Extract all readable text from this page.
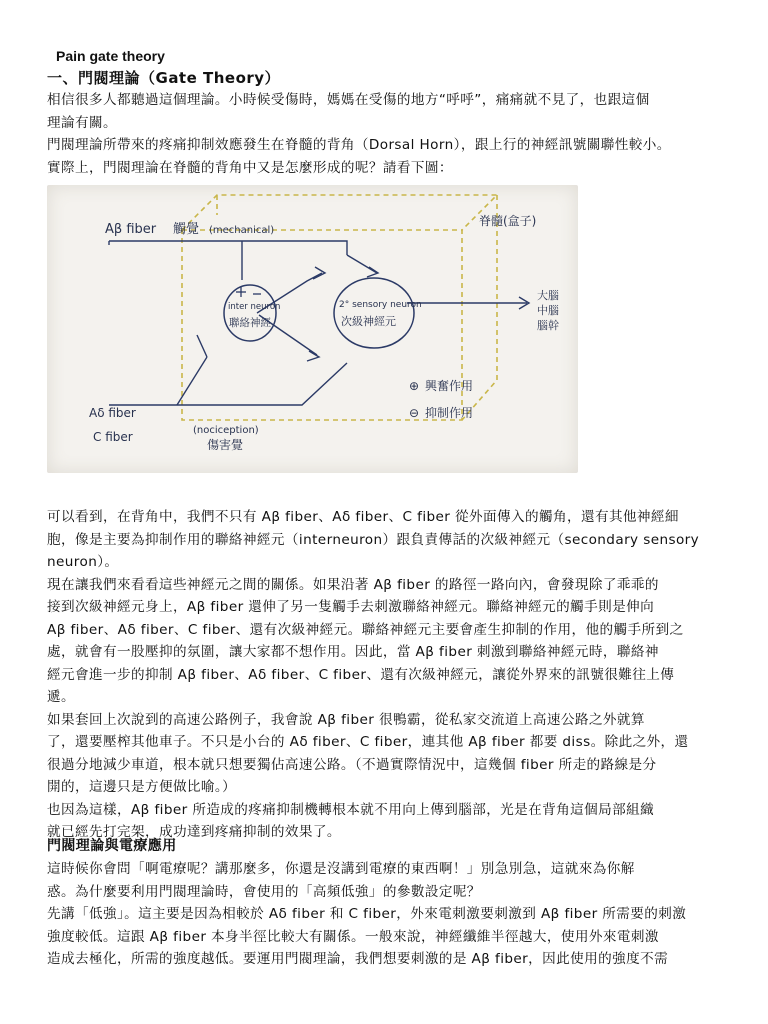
Pain gate theory
一、門閥理論（Gate Theory）
相信很多人都聽過這個理論。小時候受傷時，媽媽在受傷的地方“呼呼”，痛痛就不見了，也跟這個
理論有關。
門閥理論所帶來的疼痛抑制效應發生在脊髓的背角（Dorsal Horn），跟上行的神經訊號關聯性較小。
實際上，門閥理論在脊髓的背角中又是怎麼形成的呢？請看下圖：
Aβ fiber 觸覺 (mechanical)
脊髓(盒子)
inter neuron
聯絡神經
2° sensory neuron
次級神經元
大腦
中腦
腦幹
⊕ 興奮作用
⊖ 抑制作用
Aδ fiber
C fiber	(nociception)
傷害覺
可以看到，在背角中，我們不只有 Aβ fiber、Aδ fiber、C fiber 從外面傳入的觸角，還有其他神經細
胞，像是主要為抑制作用的聯絡神經元（interneuron）跟負責傳話的次級神經元（secondary sensory
neuron）。
現在讓我們來看看這些神經元之間的關係。如果沿著 Aβ fiber 的路徑一路向內，會發現除了乖乖的
接到次級神經元身上，Aβ fiber 還伸了另一隻觸手去刺激聯絡神經元。聯絡神經元的觸手則是伸向
Aβ fiber、Aδ fiber、C fiber、還有次級神經元。聯絡神經元主要會產生抑制的作用，他的觸手所到之
處，就會有一股壓抑的氛圍，讓大家都不想作用。因此，當 Aβ fiber 刺激到聯絡神經元時，聯絡神
經元會進一步的抑制 Aβ fiber、Aδ fiber、C fiber、還有次級神經元，讓從外界來的訊號很難往上傳
遞。
如果套回上次說到的高速公路例子，我會說 Aβ fiber 很鴨霸，從私家交流道上高速公路之外就算
了，還要壓榨其他車子。不只是小台的 Aδ fiber、C fiber，連其他 Aβ fiber 都要 diss。除此之外，還
很過分地減少車道，根本就只想要獨佔高速公路。（不過實際情況中，這幾個 fiber 所走的路線是分
開的，這邊只是方便做比喻。）
也因為這樣，Aβ fiber 所造成的疼痛抑制機轉根本就不用向上傳到腦部，光是在背角這個局部組織
就已經先打完架，成功達到疼痛抑制的效果了。
門閥理論與電療應用
這時候你會問「啊電療呢？講那麼多，你還是沒講到電療的東西啊！」別急別急，這就來為你解
惑。為什麼要利用門閥理論時，會使用的「高頻低強」的參數設定呢？
先講「低強」。這主要是因為相較於 Aδ fiber 和 C fiber，外來電刺激要刺激到 Aβ fiber 所需要的刺激
強度較低。這跟 Aβ fiber 本身半徑比較大有關係。一般來說，神經纖維半徑越大，使用外來電刺激
造成去極化，所需的強度越低。要運用門閥理論，我們想要刺激的是 Aβ fiber，因此使用的強度不需
